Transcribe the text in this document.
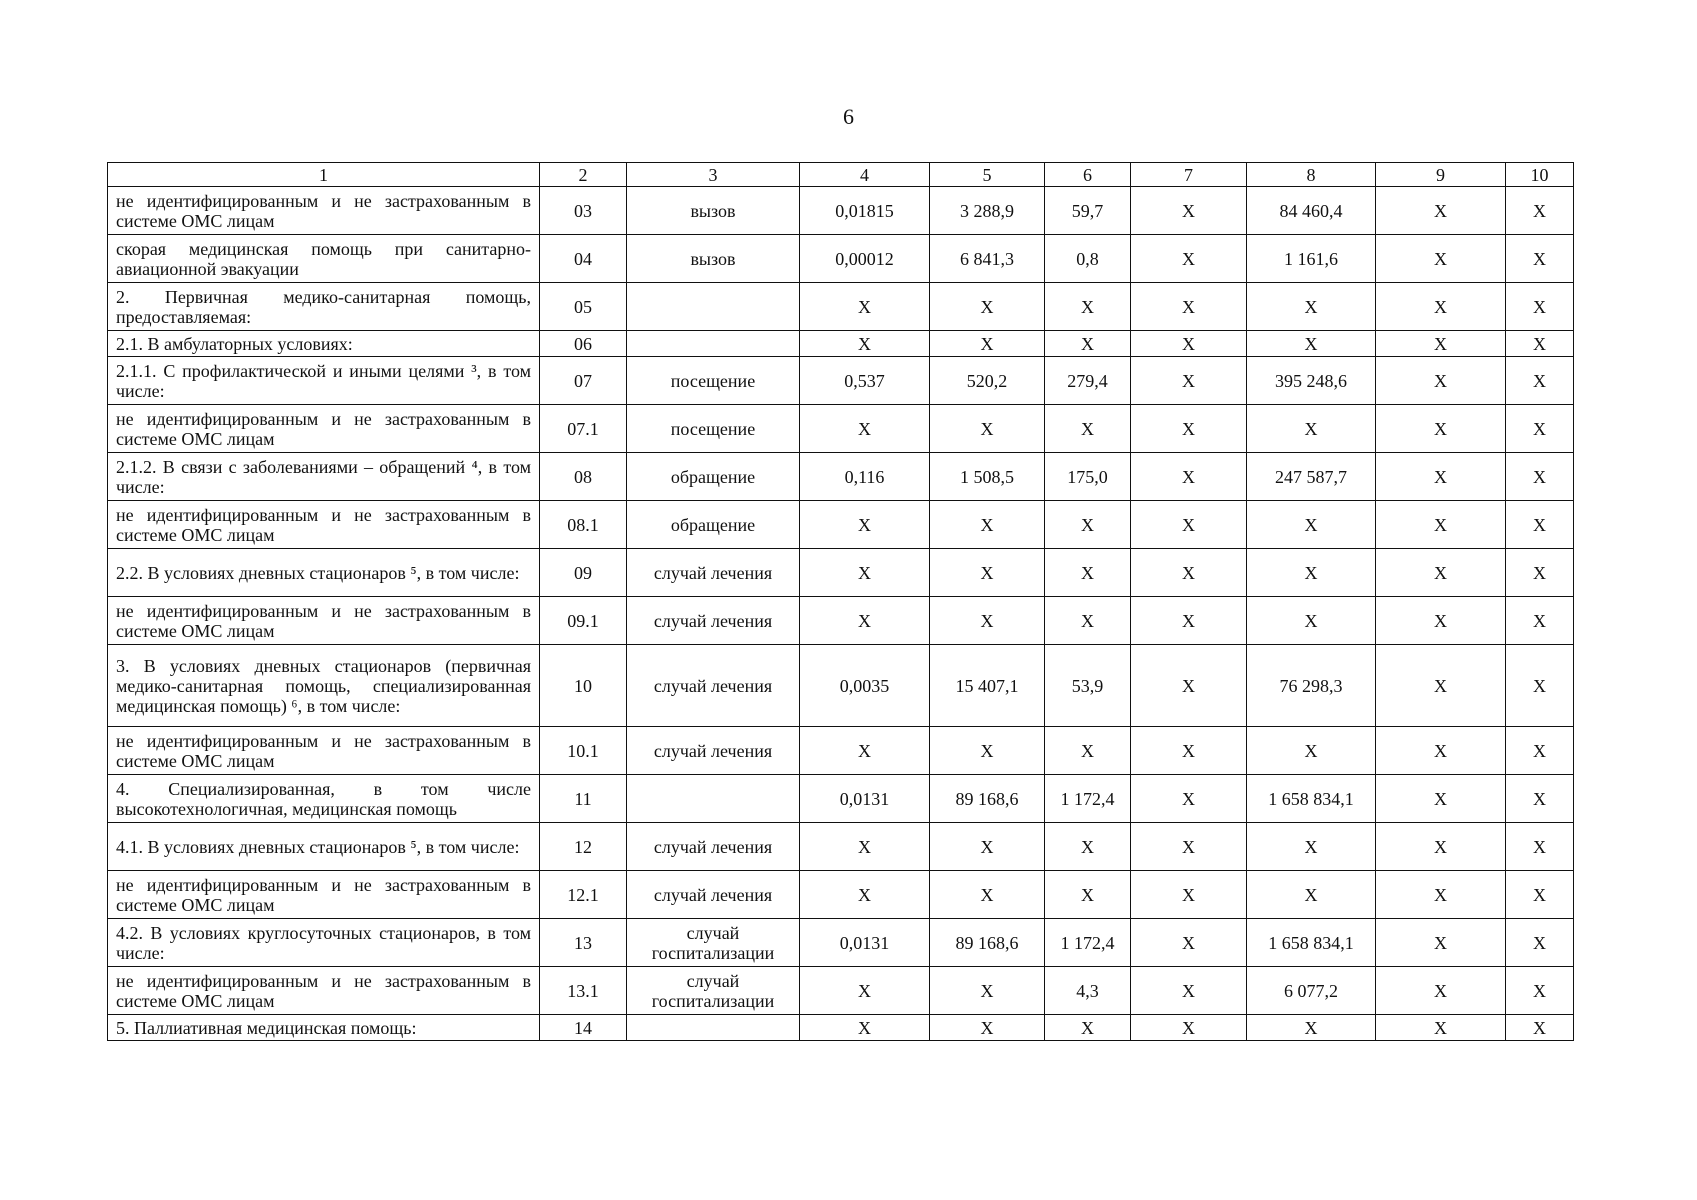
6
1	2	3	4	5	6	7	8	9	10
не идентифицированным и не застрахованным в системе ОМС лицам	03	вызов	0,01815	3 288,9	59,7	X	84 460,4	X	X
скорая медицинская помощь при санитарно-авиационной эвакуации	04	вызов	0,00012	6 841,3	0,8	X	1 161,6	X	X
2. Первичная медико-санитарная помощь, предоставляемая:	05		X	X	X	X	X	X	X
2.1. В амбулаторных условиях:	06		X	X	X	X	X	X	X
2.1.1. С профилактической и иными целями ³, в том числе:	07	посещение	0,537	520,2	279,4	X	395 248,6	X	X
не идентифицированным и не застрахованным в системе ОМС лицам	07.1	посещение	X	X	X	X	X	X	X
2.1.2. В связи с заболеваниями – обращений ⁴, в том числе:	08	обращение	0,116	1 508,5	175,0	X	247 587,7	X	X
не идентифицированным и не застрахованным в системе ОМС лицам	08.1	обращение	X	X	X	X	X	X	X
2.2. В условиях дневных стационаров ⁵, в том числе:	09	случай лечения	X	X	X	X	X	X	X
не идентифицированным и не застрахованным в системе ОМС лицам	09.1	случай лечения	X	X	X	X	X	X	X
3. В условиях дневных стационаров (первичная медико-санитарная помощь, специализированная медицинская помощь) ⁶, в том числе:	10	случай лечения	0,0035	15 407,1	53,9	X	76 298,3	X	X
не идентифицированным и не застрахованным в системе ОМС лицам	10.1	случай лечения	X	X	X	X	X	X	X
4. Специализированная, в том числе высокотехнологичная, медицинская помощь	11		0,0131	89 168,6	1 172,4	X	1 658 834,1	X	X
4.1. В условиях дневных стационаров ⁵, в том числе:	12	случай лечения	X	X	X	X	X	X	X
не идентифицированным и не застрахованным в системе ОМС лицам	12.1	случай лечения	X	X	X	X	X	X	X
4.2. В условиях круглосуточных стационаров, в том числе:	13	случай госпитализации	0,0131	89 168,6	1 172,4	X	1 658 834,1	X	X
не идентифицированным и не застрахованным в системе ОМС лицам	13.1	случай госпитализации	X	X	4,3	X	6 077,2	X	X
5. Паллиативная медицинская помощь:	14		X	X	X	X	X	X	X
